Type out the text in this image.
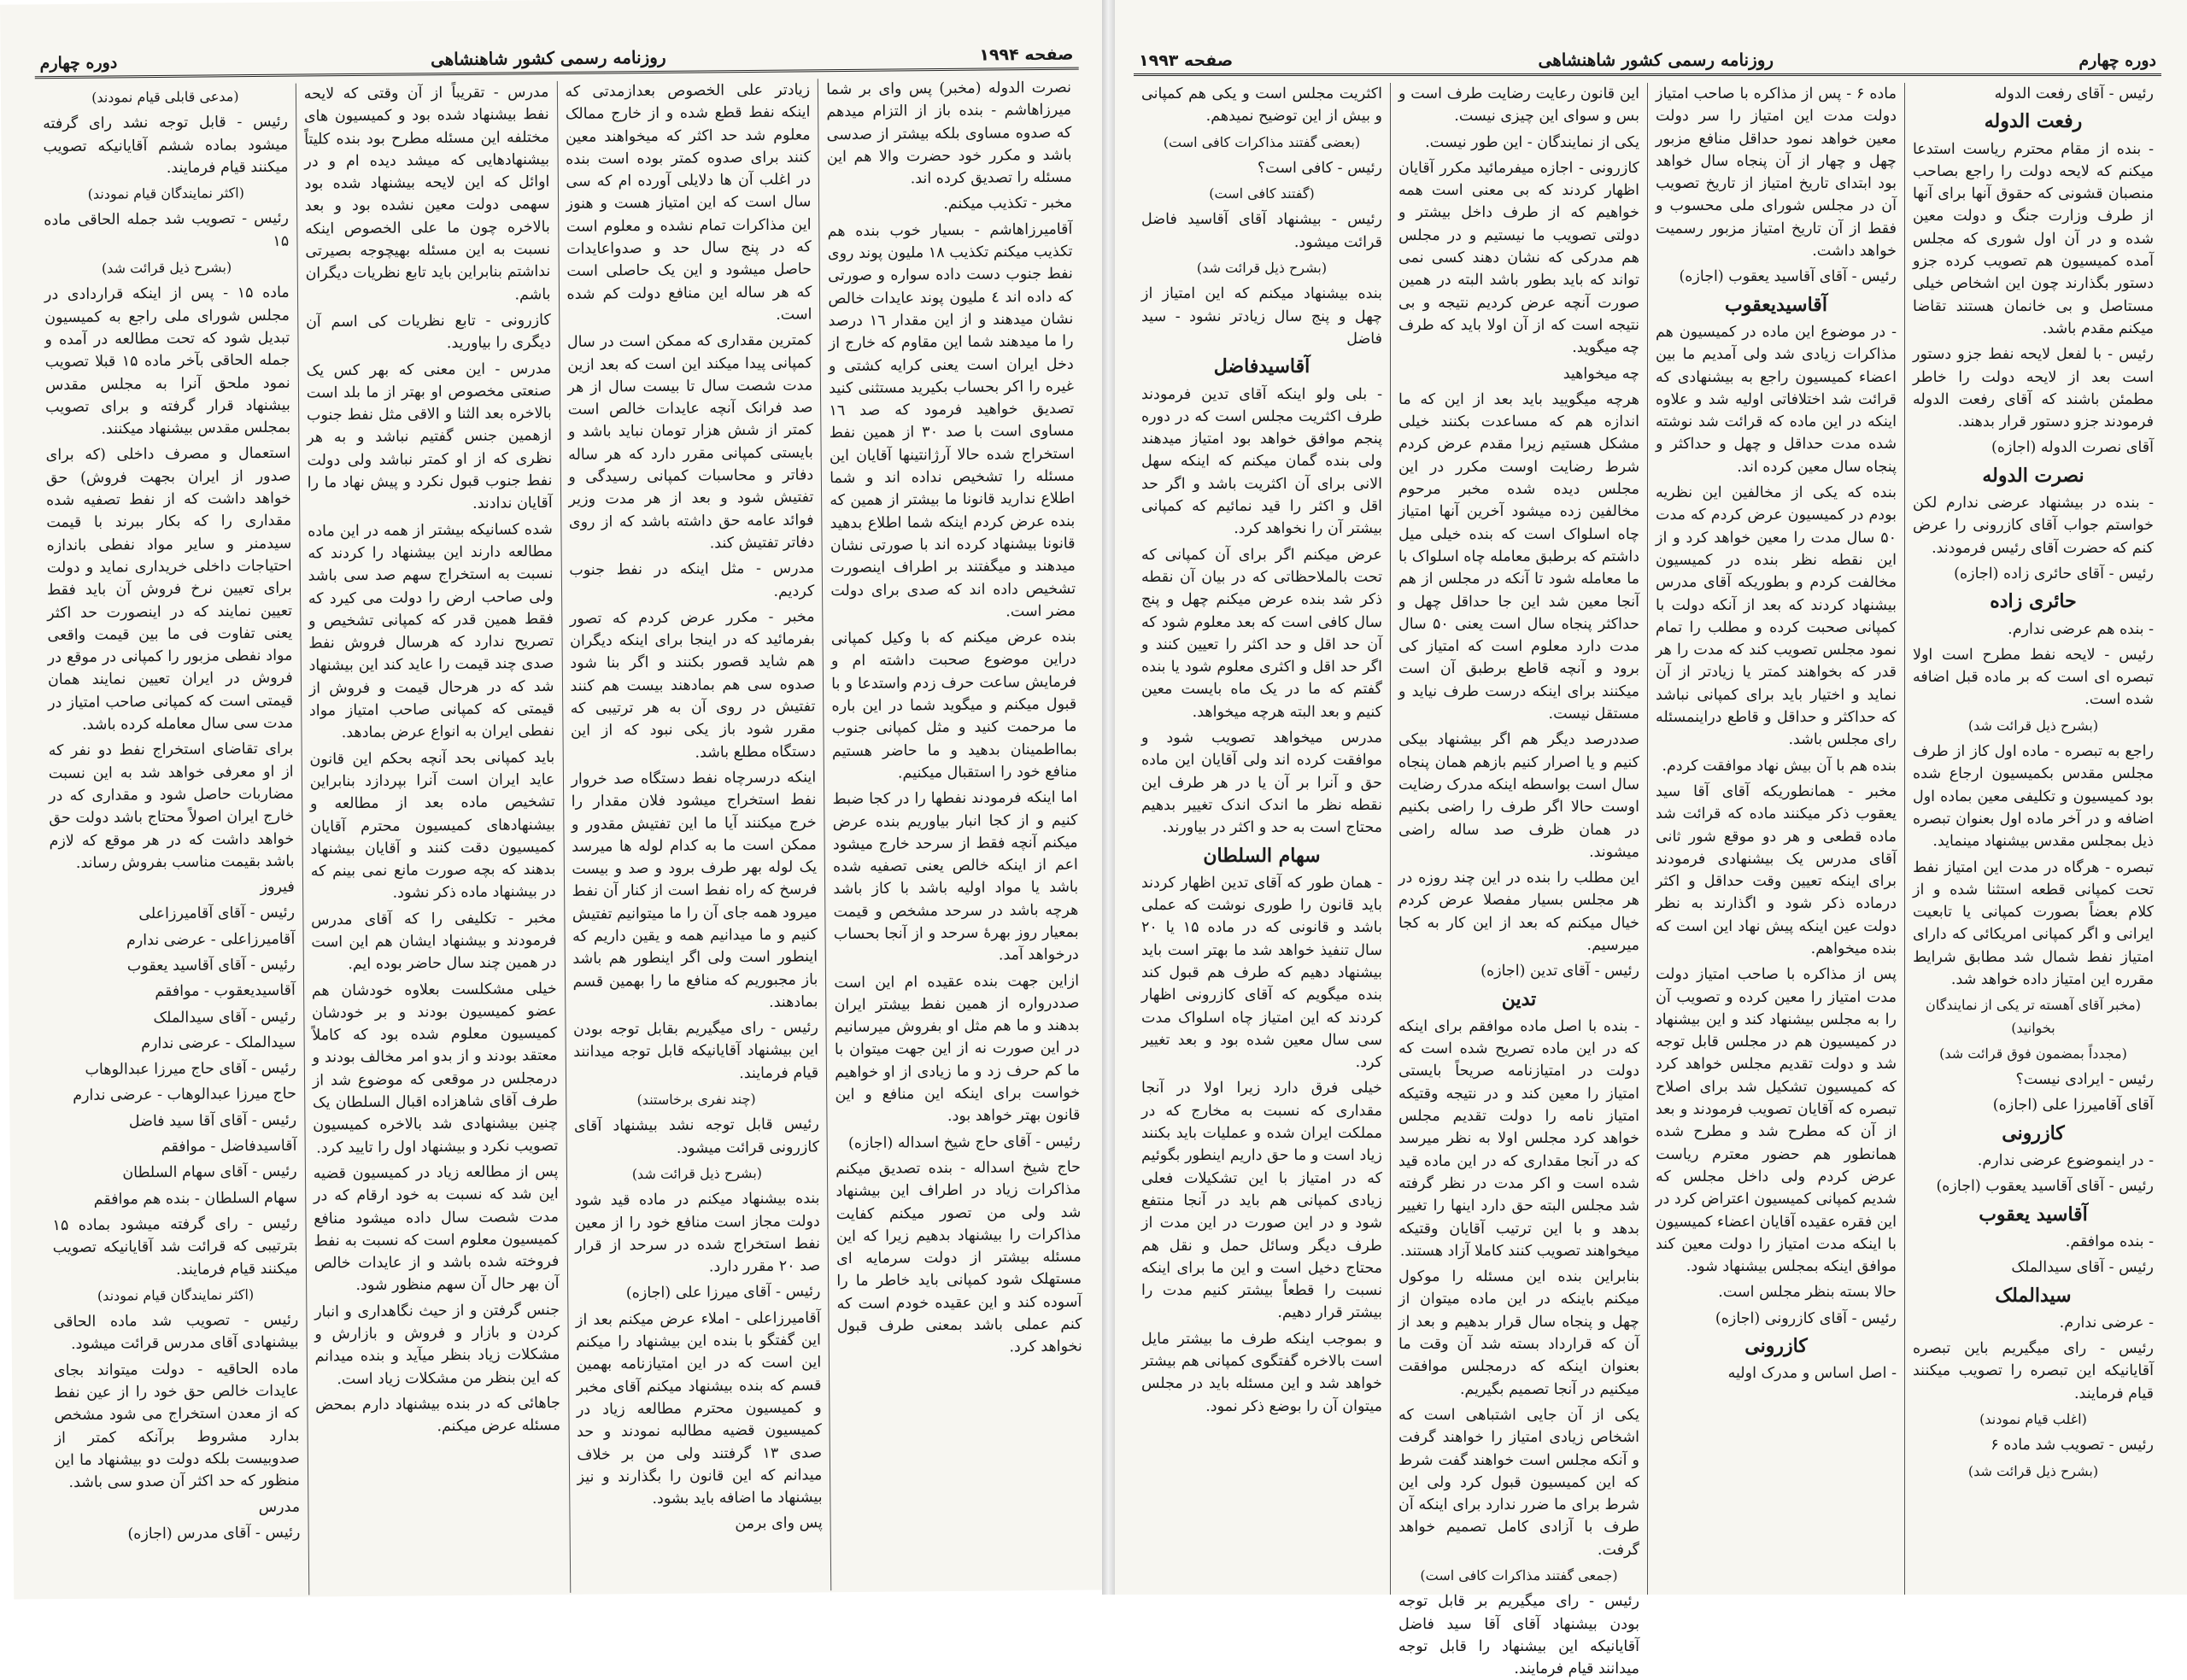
صفحه ۱۹۹۴
روزنامه رسمی کشور شاهنشاهی
دوره چهارم

نصرت الدوله (مخبر) پس وای بر شما میرزاهاشم - بنده باز از التزام میدهم که صدوه مساوی بلکه بیشتر از صدسی باشد و مکرر خود حضرت والا هم این مسئله را تصدیق کرده اند.

مخبر - تکذیب میکنم.

آقامیرزاهاشم - بسیار خوب بنده هم تکذیب میکنم تکذیب ۱۸ ملیون پوند روی نفط جنوب دست داده سواره و صورتی که داده اند ٤ ملیون پوند عایدات خالص نشان میدهند و از این مقدار ۱٦ درصد را ما میدهند شما این مقاوم که خارج از دخل ایران است یعنی کرایه کشتی و غیره را اکر بحساب بکیرید مستثنی کنید تصدیق خواهید فرمود که صد ۱٦ مساوی است با صد ۳۰ از همین نفط استخراج شده حالا آرژانتینها آقایان این مسئله را تشخیص نداده اند و شما اطلاع ندارید قانونا ما بیشتر از همین که بنده عرض کردم اینکه شما اطلاع بدهید قانونا بیشنهاد کرده اند با صورتی نشان میدهند و میگفتند بر اطراف اینصورت تشخیص داده اند که صدی برای دولت مضر است.

بنده عرض میکنم که با وکیل کمپانی دراین موضوع صحبت داشته ام و فرمایش ساعت حرف زدم واستدعا و با قبول میکنم و میگوید شما در این باره ما مرحمت کنید و مثل کمپانی جنوب بمااطمینان بدهید و ما حاضر هستیم منافع خود را استقبال میکنیم.

اما اینکه فرمودند نفطها را در کجا ضبط کنیم و از کجا انبار بیاوریم بنده عرض میکنم آنچه فقط از سرحد خارج میشود اعم از اینکه خالص یعنی تصفیه شده باشد یا مواد اولیه باشد با کاز باشد هرچه باشد در سرحد مشخص و قیمت بمعیار روز بهرهٔ سرحد و از آنجا بحساب درخواهد آمد.

ازاین جهت بنده عقیده ام این است صددرواره از همین نفط بیشتر ایران بدهند و ما هم مثل او بفروش میرسانیم در این صورت نه از این جهت میتوان با ما کم حرف زد و ما زیادی از او خواهیم خواست برای اینکه این منافع و این قانون بهتر خواهد بود.

رئیس - آقای حاج شیخ اسداله (اجازه)

حاج شیخ اسداله - بنده تصدیق میکنم مذاکرات زیاد در اطراف این بیشنهاد شد ولی من تصور میکنم کفایت مذاکرات را بیشنهاد بدهیم زیرا که این مسئله بیشتر از دولت سرمایه ای مستهلک شود کمپانی باید خاطر ما را آسوده کند و این عقیده خودم است که کنم عملی باشد بمعنی طرف قبول نخواهد کرد.

زیادتر علی الخصوص بعدازمدتی که اینکه نفط قطع شده و از خارج ممالک معلوم شد حد اکثر که میخواهند معین کنند برای صدوه کمتر بوده است بنده در اغلب آن ها دلایلی آورده ام که سی سال است که این امتیاز هست و هنوز این مذاکرات تمام نشده و معلوم است که در پنج سال حد و صدواعایدات حاصل میشود و این یک حاصلی است که هر ساله این منافع دولت کم شده است.

کمترین مقداری که ممکن است در سال کمپانی پیدا میکند این است که بعد ازین مدت شصت سال تا بیست سال از هر صد فرانک آنچه عایدات خالص است کمتر از شش هزار تومان نباید باشد و بایستی کمپانی مقرر دارد که هر ساله دفاتر و محاسبات کمپانی رسیدگی و تفتیش شود و بعد از هر مدت وزیر فوائد عامه حق داشته باشد که از روی دفاتر تفتیش کند.

مدرس - مثل اینکه در نفط جنوب کردیم.

مخبر - مکرر عرض کردم که تصور بفرمائید که در اینجا برای اینکه دیگران هم شاید قصور بکنند و اگر بنا شود صدوه سی هم بمادهند بیست هم کنند تفتیش در روی آن به هر ترتیبی که مقرر شود باز یکی نبود که از این دستگاه مطلع باشد.

اینکه درسرچاه نفط دستگاه صد خروار نفط استخراج میشود فلان مقدار را خرج میکنند آیا ما این تفتیش مقدور و ممکن است ما به کدام لوله ها میرسد یک لوله بهر طرف برود و صد و بیست فرسخ که راه نفط است از کنار آن نفط میرود همه جای آن را ما میتوانیم تفتیش کنیم و ما میدانیم همه و یقین داریم که اینطور است ولی اگر اینطور هم باشد باز مجبوریم که منافع ما را بهمین قسم بمادهند.

رئیس - رای میگیریم بقابل توجه بودن این بیشنهاد آقایانیکه قابل توجه میدانند قیام فرمایند.

(چند نفری برخاستند)

رئیس قابل توجه نشد بیشنهاد آقای کازرونی قرائت میشود.

(بشرح ذیل قرائت شد)

بنده بیشنهاد میکنم در ماده قید شود دولت مجاز است منافع خود را از معین نفط استخراج شده در سرحد از قرار صد ۲۰ مقرر دارد.

رئیس - آقای میرزا علی (اجازه)

آقامیرزاعلی - املاء عرض میکنم بعد از این گفتگو با بنده این بیشنهاد را میکنم این است که در این امتیازنامه بهمین قسم که بنده بیشنهاد میکنم آقای مخبر و کمیسیون محترم مطالعه زیاد در کمیسیون قضیه مطالبه نمودند و حد صدی ۱۳ گرفتند ولی من بر خلاف میدانم که این قانون را بگذارند و نیز بیشنهاد ما اضافه باید بشود.

پس وای برمن

مدرس - تقریباً از آن وقتی که لایحه نفط بیشنهاد شده بود و کمیسیون های مختلفه این مسئله مطرح بود بنده کلیتاً بیشنهادهایی که میشد دیده ام و در اوائل که این لایحه بیشنهاد شده بود سهمی دولت معین نشده بود و بعد بالاخره چون ما علی الخصوص اینکه نسبت به این مسئله بهیچوجه بصیرتی نداشتم بنابراین باید تابع نظریات دیگران باشم.

کازرونی - تابع نظریات کی اسم آن دیگری را بیاورید.

مدرس - این معنی که بهر کس یک صنعتی مخصوص او بهتر از ما بلد است بالاخره بعد الثنا و الاقی مثل نفط جنوب ازهمین جنس گفتیم نباشد و به هر نظری که از او کمتر نباشد ولی دولت نفط جنوب قبول نکرد و پیش نهاد ما را آقایان ندادند.

شده کسانیکه بیشتر از همه در این ماده مطالعه دارند این بیشنهاد را کردند که نسبت به استخراج سهم صد سی باشد ولی صاحب ارض را دولت می کیرد که فقط همین قدر که کمپانی تشخیص و تصریح ندارد که هرسال فروش نفط صدی چند قیمت را عاید کند این بیشنهاد شد که در هرحال قیمت و فروش از قیمتی که کمپانی صاحب امتیاز مواد نفطی ایران به انواع عرض بمادهد.

باید کمپانی بحد آنچه بحکم این قانون عاید ایران است آنرا بپردازد بنابراین تشخیص ماده بعد از مطالعه و بیشنهادهای کمیسیون محترم آقایان کمیسیون دقت کنند و آقایان بیشنهاد بدهند که بچه صورت مانع نمی بینم که در بیشنهاد ماده ذکر نشود.

مخبر - تکلیفی را که آقای مدرس فرمودند و بیشنهاد ایشان هم این است در همین چند سال حاضر بوده ایم.

خیلی مشکلست بعلاوه خودشان هم عضو کمیسیون بودند و بر خودشان کمیسیون معلوم شده بود که کاملاً معتقد بودند و از بدو امر مخالف بودند و درمجلس در موقعی که موضوع شد از طرف آقای شاهزاده اقبال السلطان یک چنین بیشنهادی شد بالاخره کمیسیون تصویب نکرد و بیشنهاد اول را تایید کرد.

پس از مطالعه زیاد در کمیسیون قضیه این شد که نسبت به خود ارقام که در مدت شصت سال داده میشود منافع کمیسیون معلوم است که نسبت به نفط فروخته شده باشد و از عایدات خالص آن بهر حال آن سهم منظور شود.

جنس گرفتن و از حیث نگاهداری و انبار کردن و بازار و فروش و بازارش و مشکلات زیاد بنظر میآید و بنده میدانم که این بنظر من مشکلات زیاد است.

جاهائی که در بنده بیشنهاد دارم بمحض مسئله عرض میکنم.

(مدعی قابلی قیام نمودند)

رئیس - قابل توجه نشد رای گرفته میشود بماده ششم آقایانیکه تصویب میکنند قیام فرمایند.

(اکثر نمایندگان قیام نمودند)

رئیس - تصویب شد جمله الحاقی ماده ۱۵

(بشرح ذیل قرائت شد)

ماده ۱۵ - پس از اینکه قراردادی در مجلس شورای ملی راجع به کمیسیون تبدیل شود که تحت مطالعه در آمده و جمله الحاقی بآخر ماده ۱۵ قبلا تصویب نمود ملحق آنرا به مجلس مقدس بیشنهاد قرار گرفته و برای تصویب بمجلس مقدس بیشنهاد میکنند.

استعمال و مصرف داخلی (که برای صدور از ایران بجهت فروش) حق خواهد داشت که از نفط تصفیه شده مقداری را که بکار ببرند با قیمت سیدمنر و سایر مواد نفطی باندازه احتیاجات داخلی خریداری نماید و دولت برای تعیین نرخ فروش آن باید فقط تعیین نمایند که در اینصورت حد اکثر یعنی تفاوت فی ما بین قیمت واقعی مواد نفطی مزبور را کمپانی در موقع در فروش در ایران تعیین نمایند همان قیمتی است که کمپانی صاحب امتیاز در مدت سی سال معامله کرده باشد.

برای تقاضای استخراج نفط دو نفر که از او معرفی خواهد شد به این نسبت مضاربات حاصل شود و مقداری که در خارج ایران اصولاً محتاج باشد دولت حق خواهد داشت که در هر موقع که لازم باشد بقیمت مناسب بفروش رساند.

فیروز

رئیس - آقای آقامیرزاعلی

آقامیرزاعلی - عرضی ندارم

رئیس - آقای آقاسید یعقوب

آقاسیدیعقوب - موافقم

رئیس - آقای سیدالملک

سیدالملک - عرضی ندارم

رئیس - آقای حاج میرزا عبدالوهاب

حاج میرزا عبدالوهاب - عرضی ندارم

رئیس - آقای آقا سید فاضل

آقاسیدفاضل - موافقم

رئیس - آقای سهام السلطان

سهام السلطان - بنده هم موافقم

رئیس - رای گرفته میشود بماده ۱۵ بترتیبی که قرائت شد آقایانیکه تصویب میکنند قیام فرمایند.

(اکثر نمایندگان قیام نمودند)

رئیس - تصویب شد ماده الحاقی بیشنهادی آقای مدرس قرائت میشود.

ماده الحاقیه - دولت میتواند بجای عایدات خالص حق خود را از عین نفط که از معدن استخراج می شود مشخص بدارد مشروط برآنکه کمتر از صدوبیست بلکه دولت دو بیشنهاد ما این منظور که حد اکثر آن صدو سی باشد.

مدرس

رئیس - آقای مدرس (اجازه)

دوره چهارم
روزنامه رسمی کشور شاهنشاهی
صفحه ۱۹۹۳

رئیس - آقای رفعت الدوله

رفعت الدوله

- بنده از مقام محترم ریاست استدعا میکنم که لایحه دولت را راجع بصاحب منصبان قشونی که حقوق آنها برای آنها از طرف وزارت جنگ و دولت معین شده و در آن اول شوری که مجلس آمده کمیسیون هم تصویب کرده جزو دستور بگذارند چون این اشخاص خیلی مستاصل و بی خانمان هستند تقاضا میکنم مقدم باشد.

رئیس - با لفعل لایحه نفط جزو دستور است بعد از لایحه دولت را خاطر مطمئن باشند که آقای رفعت الدوله فرمودند جزو دستور قرار بدهند.

آقای نصرت الدوله (اجازه)

نصرت الدوله

- بنده در بیشنهاد عرضی ندارم لکن خواستم جواب آقای کازرونی را عرض کنم که حضرت آقای رئیس فرمودند.

رئیس - آقای حائری زاده (اجازه)

حائری زاده

- بنده هم عرضی ندارم.

رئیس - لایحه نفط مطرح است اولا تبصره ای است که بر ماده قبل اضافه شده است.

(بشرح ذیل قرائت شد)

راجع به تبصره - ماده اول کاز از طرف مجلس مقدس بکمیسیون ارجاع شده بود کمیسیون و تکلیفی معین بماده اول اضافه و در آخر ماده اول بعنوان تبصره ذیل بمجلس مقدس بیشنهاد مینماید.

تبصره - هرگاه در مدت این امتیاز نفط تحت کمپانی قطعه استثنا شده و از کلام بعضاً بصورت کمپانی یا تابعیت ایرانی و اگر کمپانی امریکائی که دارای امتیاز نفط شمال شد مطابق شرایط مقرره این امتیاز داده خواهد شد.

(مخبر آقای آهسته تر یکی از نمایندگان بخوانید)
(مجدداً بمضمون فوق قرائت شد)

رئیس - ایرادی نیست؟

آقای آقامیرزا علی (اجازه)

کازرونی

- در اینموضوع عرضی ندارم.

رئیس - آقای آقاسید یعقوب (اجازه)

آقاسید یعقوب

- بنده موافقم.

رئیس - آقای سیدالملک

سیدالملک

- عرضی ندارم.

رئیس - رای میگیریم باین تبصره آقایانیکه این تبصره را تصویب میکنند قیام فرمایند.

(اغلب قیام نمودند)

رئیس - تصویب شد ماده ۶

(بشرح ذیل قرائت شد)

ماده ۶ - پس از مذاکره با صاحب امتیاز دولت مدت این امتیاز را سر دولت معین خواهد نمود حداقل منافع مزبور چهل و چهار از آن پنجاه سال خواهد بود ابتدای تاریخ امتیاز از تاریخ تصویب آن در مجلس شورای ملی محسوب و فقط از آن تاریخ امتیاز مزبور رسمیت خواهد داشت.

رئیس - آقای آقاسید یعقوب (اجازه)

آقاسیدیعقوب

- در موضوع این ماده در کمیسیون هم مذاکرات زیادی شد ولی آمدیم ما بین اعضاء کمیسیون راجع به بیشنهادی که قرائت شد اختلافاتی اولیه شد و علاوه اینکه در این ماده که قرائت شد نوشته شده مدت حداقل و چهل و حداکثر و پنجاه سال معین کرده اند.

بنده که یکی از مخالفین این نظریه بودم در کمیسیون عرض کردم که مدت ۵۰ سال مدت را معین خواهد کرد و از این نقطه نظر بنده در کمیسیون مخالفت کردم و بطوریکه آقای مدرس بیشنهاد کردند که بعد از آنکه دولت با کمپانی صحبت کرده و مطلب را تمام نمود مجلس تصویب کند که مدت را هر قدر که بخواهند کمتر یا زیادتر از آن نماید و اختیار باید برای کمپانی نباشد که حداکثر و حداقل و قاطع دراینمسئله رای مجلس باشد.

بنده هم با آن بیش نهاد موافقت کردم.

مخبر - همانطوریکه آقای آقا سید یعقوب ذکر میکنند ماده که قرائت شد ماده قطعی و هر دو موقع شور ثانی آقای مدرس یک بیشنهادی فرمودند برای اینکه تعیین وقت حداقل و اکثر درماده ذکر شود و اگذارند به نظر دولت عین اینکه پیش نهاد این است که بنده میخواهم.

پس از مذاکره با صاحب امتیاز دولت مدت امتیاز را معین کرده و تصویب آن را به مجلس بیشنهاد کند و این بیشنهاد در کمیسیون هم در مجلس قابل توجه شد و دولت تقدیم مجلس خواهد کرد که کمیسیون تشکیل شد برای اصلاح تبصره که آقایان تصویب فرمودند و بعد از آن که مطرح شد و مطرح شده همانطور هم حضور معترم ریاست عرض کردم ولی داخل مجلس که شدیم کمپانی کمیسیون اعتراض کرد در این فقره عقیده آقایان اعضاء کمیسیون با اینکه مدت امتیاز را دولت معین کند موافق اینکه بمجلس بیشنهاد شود.

حالا بسته بنظر مجلس است.

رئیس - آقای کازرونی (اجازه)

کازرونی

- اصل اساس و مدرک اولیه

این قانون رعایت رضایت طرف است و بس و سوای این چیزی نیست.

یکی از نمایندگان - این طور نیست.

کازرونی - اجازه میفرمائید مکرر آقایان اظهار کردند که بی معنی است همه خواهیم که از طرف داخل بیشتر و دولتی تصویب ما نیستیم و در مجلس هم مدرکی که نشان دهند کسی نمی تواند که باید بطور باشد البته در همین صورت آنچه عرض کردیم نتیجه و بی نتیجه است که از آن اولا باید که طرف چه میگوید.

چه میخواهید

هرچه میگویید باید بعد از این که ما اندازه هم که مساعدت بکنند خیلی مشکل هستیم زیرا مقدم عرض کردم شرط رضایت اوست مکرر در این مجلس دیده شده مخبر مرحوم مخالفین زده میشود آخرین آنها امتیاز چاه اسلواک است که بنده خیلی میل داشتم که برطبق معامله چاه اسلواک با ما معامله شود تا آنکه در مجلس از هم آنجا معین شد این جا حداقل چهل و حداکثر پنجاه سال است یعنی ۵۰ سال مدت دارد معلوم است که امتیاز کی برود و آنچه قاطع برطبق آن است میکنند برای اینکه درست طرف نیاید و مستقل نیست.

صددرصد دیگر هم اگر بیشنهاد بیکی کنیم و یا اصرار کنیم بازهم همان پنجاه سال است بواسطه اینکه مدرک رضایت اوست حالا اگر طرف را راضی بکنیم در همان ظرف صد ساله راضی میشوند.

این مطلب را بنده در این چند روزه در هر مجلس بسیار مفصلا عرض کردم خیال میکنم که بعد از این کار به کجا میرسیم.

رئیس - آقای تدین (اجازه)

تدین

- بنده با اصل ماده موافقم برای اینکه که در این ماده تصریح شده است که دولت در امتیازنامه صریحاً بایستی امتیاز را معین کند و در نتیجه وقتیکه امتیاز نامه را دولت تقدیم مجلس خواهد کرد مجلس اولا به نظر میرسد که در آنجا مقداری که در این ماده قید شده است و اکر مدت در نظر گرفته شد مجلس البته حق دارد اینها را تغییر بدهد و با این ترتیب آقایان وقتیکه میخواهند تصویب کنند کاملا آزاد هستند.

بنابراین بنده این مسئله را موکول میکنم باینکه در این ماده میتوان از چهل و پنجاه سال قرار بدهیم و بعد از آن که قرارداد بسته شد آن وقت ما بعنوان اینکه که درمجلس موافقت میکنیم در آنجا تصمیم بگیریم.

یکی از آن جایی اشتباهی است که اشخاص زیادی امتیاز را خواهند گرفت و آنکه مجلس است خواهند گفت شرط که این کمیسیون قبول کرد ولی این شرط برای ما ضرر ندارد برای اینکه آن طرف با آزادی کامل تصمیم خواهد گرفت.

(جمعی گفتند مذاکرات کافی است)

رئیس - رای میگیریم بر قابل توجه بودن بیشنهاد آقای آقا سید فاضل آقایانیکه این بیشنهاد را قابل توجه میدانند قیام فرمایند.

اکثریت مجلس است و یکی هم کمپانی و بیش از این توضیح نمیدهم.

(بعضی گفتند مذاکرات کافی است)

رئیس - کافی است؟

(گفتند کافی است)

رئیس - بیشنهاد آقای آقاسید فاضل قرائت میشود.

(بشرح ذیل قرائت شد)

بنده بیشنهاد میکنم که این امتیاز از چهل و پنج سال زیادتر نشود - سید فاضل

آقاسیدفاضل

- بلی ولو اینکه آقای تدین فرمودند طرف اکثریت مجلس است که در دوره پنجم موافق خواهد بود امتیاز میدهند ولی بنده گمان میکنم که اینکه سهل الانی برای آن اکثریت باشد و اگر حد اقل و اکثر را قید نمائیم که کمپانی بیشتر آن را نخواهد کرد.

عرض میکنم اگر برای آن کمپانی که تحت بالملاحظاتی که در بیان آن نقطه ذکر شد بنده عرض میکنم چهل و پنج سال کافی است که بعد معلوم شود که آن حد اقل و حد اکثر را تعیین کنند و اگر حد اقل و اکثری معلوم شود یا بنده گفتم که ما در یک ماه بایست معین کنیم و بعد البته هرچه میخواهد.

مدرس میخواهد تصویب شود و موافقت کرده اند ولی آقایان این ماده حق و آنرا بر آن یا در هر طرف این نقطه نظر ما اندک اندک تغییر بدهیم محتاج است به حد و اکثر در بیاورند.

سهام السلطان

- همان طور که آقای تدین اظهار کردند باید قانون را طوری نوشت که عملی باشد و قانونی که در ماده ۱۵ یا ۲۰ سال تنفیذ خواهد شد ما بهتر است باید بیشنهاد دهیم که طرف هم قبول کند بنده میگویم که آقای کازرونی اظهار کردند که این امتیاز چاه اسلواک مدت سی سال معین شده بود و بعد تغییر کرد.

خیلی فرق دارد زیرا اولا در آنجا مقداری که نسبت به مخارج که در مملکت ایران شده و عملیات باید بکنند زیاد است و ما حق داریم اینطور بگوئیم که در امتیاز با این تشکیلات فعلی زیادی کمپانی هم باید در آنجا منتفع شود و در این صورت در این مدت از طرف دیگر وسائل حمل و نقل هم محتاج دخیل است و این ما برای اینکه نسبت را قطعاً بیشتر کنیم مدت را بیشتر قرار دهیم.

و بموجب اینکه طرف ما بیشتر مایل است بالاخره گفتگوی کمپانی هم بیشتر خواهد شد و این مسئله باید در مجلس میتوان آن را بوضع ذکر نمود.
